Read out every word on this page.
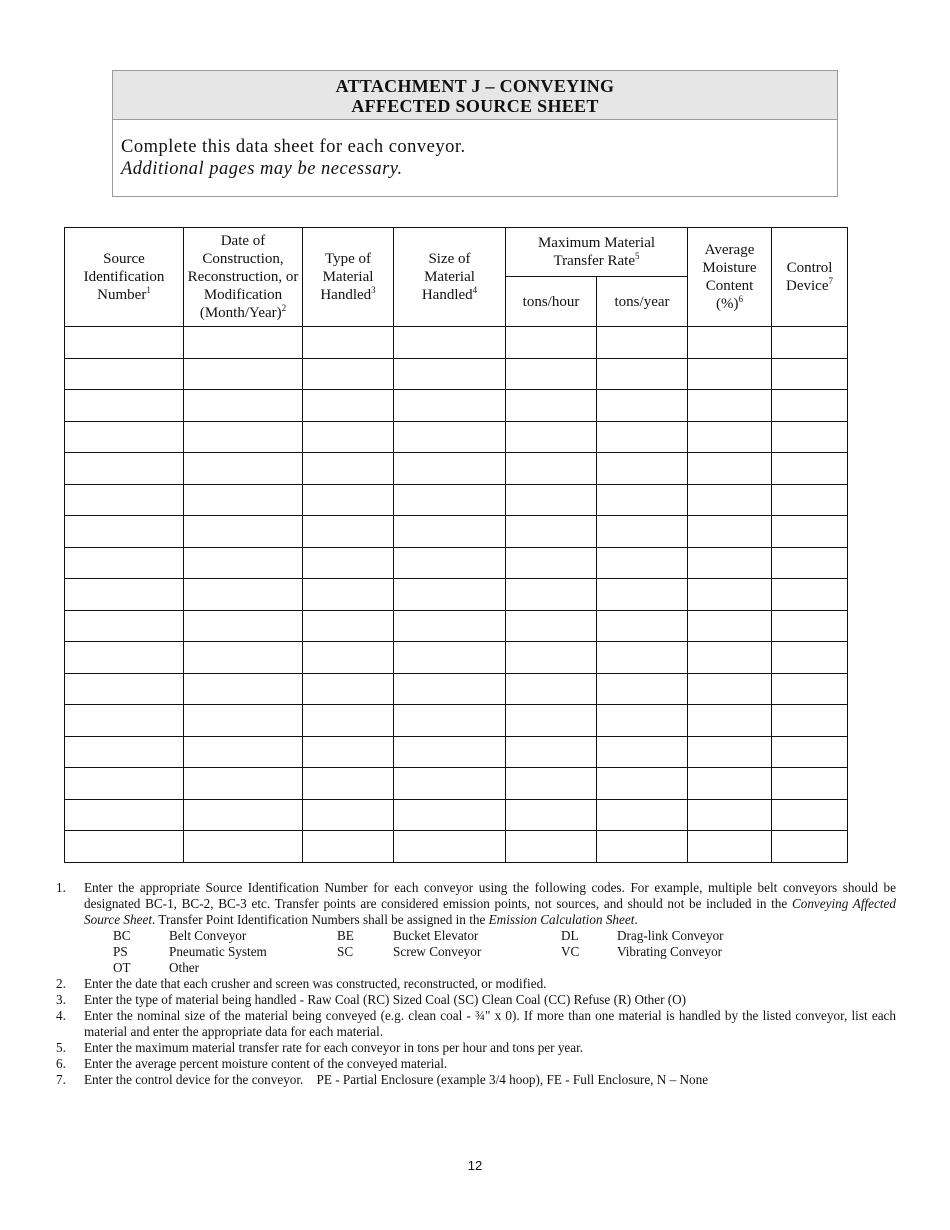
ATTACHMENT J – CONVEYING
AFFECTED SOURCE SHEET
Complete this data sheet for each conveyor.
Additional pages may be necessary.
Source Identification Number$^1$	Date of Construction, Reconstruction, or Modification (Month/Year)$^2$	Type of Material Handled$^3$	Size of Material Handled$^4$	Maximum Material Transfer Rate$^5$		Average Moisture Content (%)$^6$	Control Device$^7$
				tons/hour	tons/year		

1.	Enter the appropriate Source Identification Number for each conveyor using the following codes. For example, multiple belt conveyors should be designated BC-1, BC-2, BC-3 etc. Transfer points are considered emission points, not sources, and should not be included in the Conveying Affected Source Sheet. Transfer Point Identification Numbers shall be assigned in the Emission Calculation Sheet.
BC	Belt Conveyor	BE	Bucket Elevator	DL	Drag-link Conveyor
PS	Pneumatic System	SC	Screw Conveyor	VC	Vibrating Conveyor
OT	Other
2.	Enter the date that each crusher and screen was constructed, reconstructed, or modified.
3.	Enter the type of material being handled - Raw Coal (RC) Sized Coal (SC) Clean Coal (CC) Refuse (R) Other (O)
4.	Enter the nominal size of the material being conveyed (e.g. clean coal - ¾" x 0). If more than one material is handled by the listed conveyor, list each material and enter the appropriate data for each material.
5.	Enter the maximum material transfer rate for each conveyor in tons per hour and tons per year.
6.	Enter the average percent moisture content of the conveyed material.
7.	Enter the control device for the conveyor.    PE - Partial Enclosure (example 3/4 hoop), FE - Full Enclosure, N – None
12
